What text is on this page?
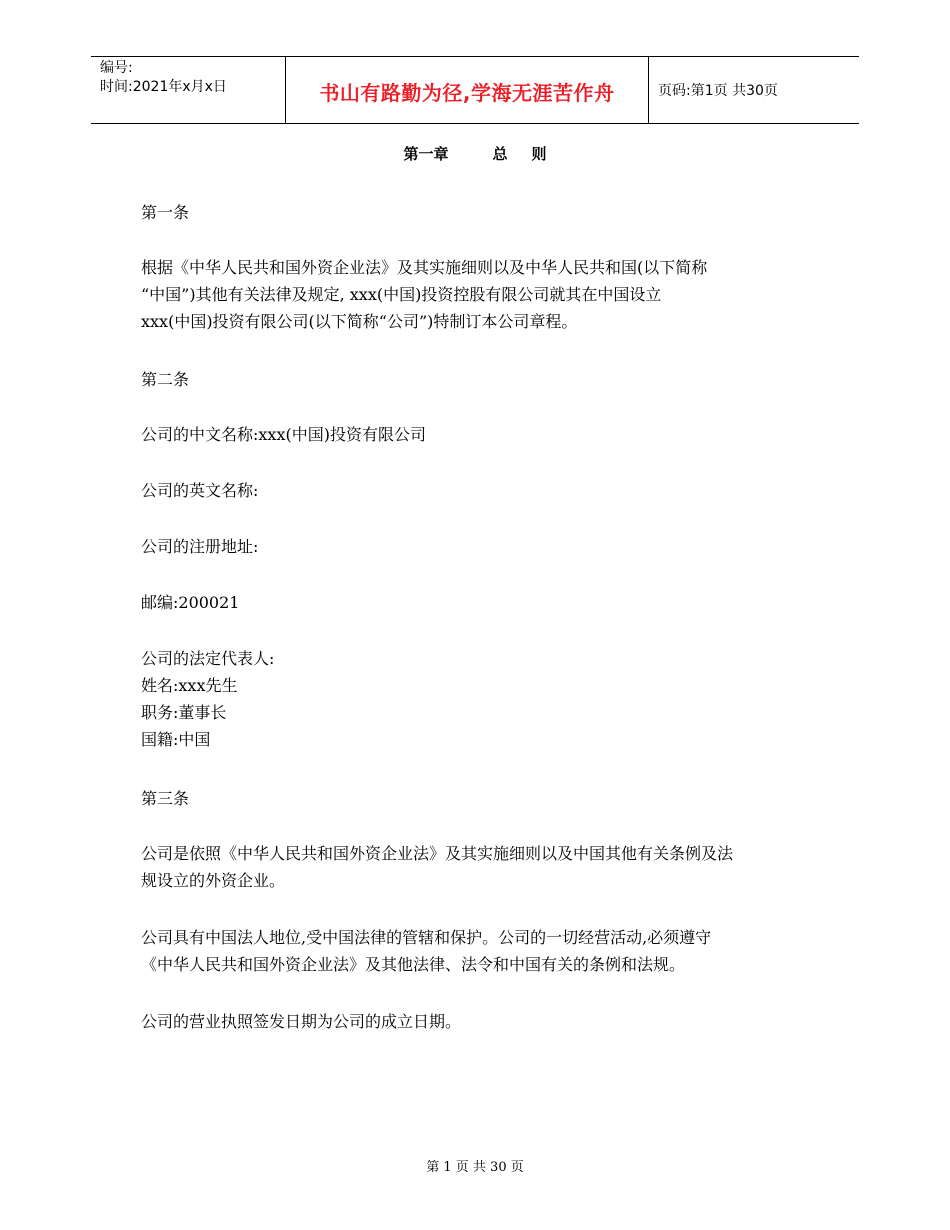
编号:
时间:2021年x月x日	书山有路勤为径,学海无涯苦作舟	页码:第1页 共30页
第一章	总 则

第一条

根据《中华人民共和国外资企业法》及其实施细则以及中华人民共和国(以下简称
“中国”)其他有关法律及规定, xxx(中国)投资控股有限公司就其在中国设立
xxx(中国)投资有限公司(以下简称“公司”)特制订本公司章程。

第二条

公司的中文名称:xxx(中国)投资有限公司

公司的英文名称:

公司的注册地址:

邮编:200021

公司的法定代表人:
姓名:xxx先生
职务:董事长
国籍:中国

第三条

公司是依照《中华人民共和国外资企业法》及其实施细则以及中国其他有关条例及法
规设立的外资企业。
公司具有中国法人地位,受中国法律的管辖和保护。公司的一切经营活动,必须遵守
《中华人民共和国外资企业法》及其他法律、法令和中国有关的条例和法规。

公司的营业执照签发日期为公司的成立日期。

第 1 页 共 30 页
